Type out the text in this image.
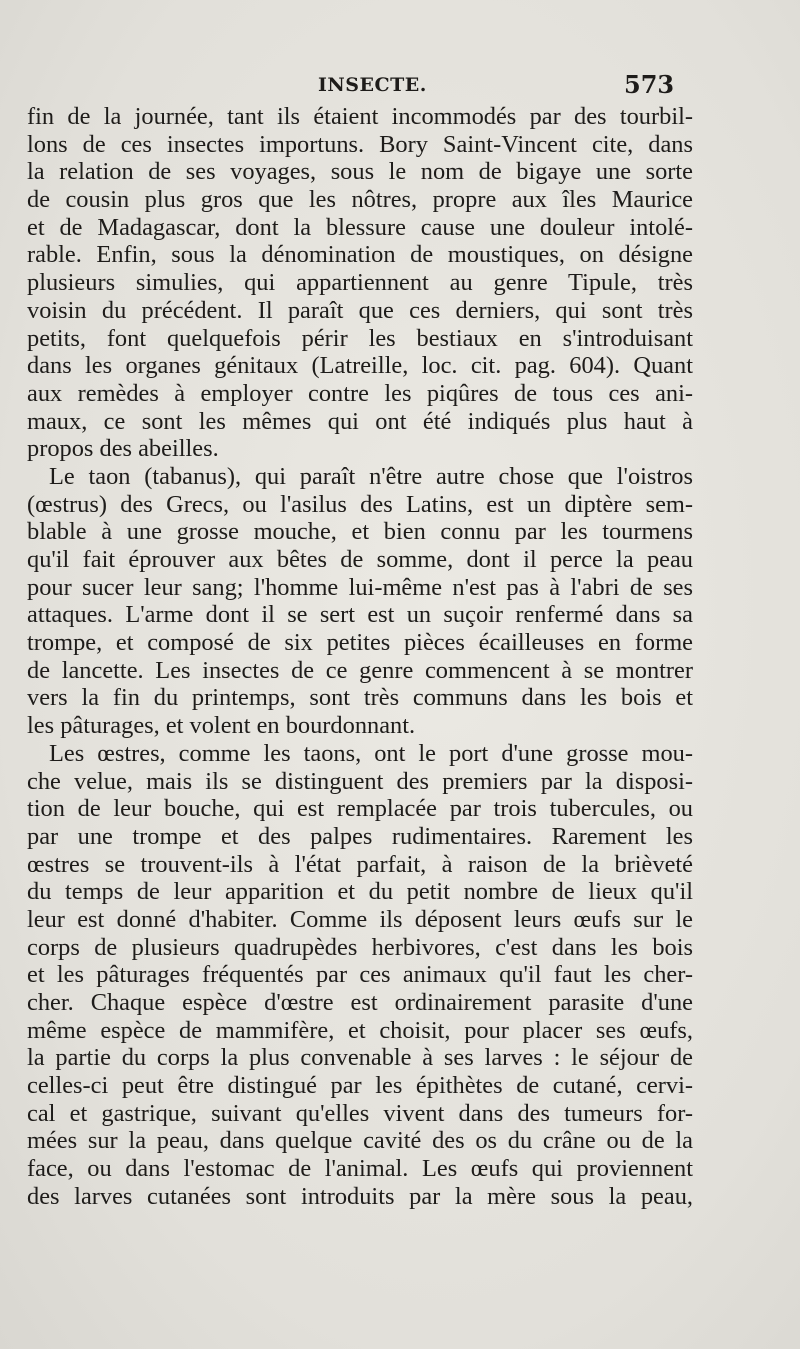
INSECTE.	573
fin de la journée, tant ils étaient incommodés par des tourbil-
lons de ces insectes importuns. Bory Saint-Vincent cite, dans
la relation de ses voyages, sous le nom de bigaye une sorte
de cousin plus gros que les nôtres, propre aux îles Maurice
et de Madagascar, dont la blessure cause une douleur intolé-
rable. Enfin, sous la dénomination de moustiques, on désigne
plusieurs simulies, qui appartiennent au genre Tipule, très
voisin du précédent. Il paraît que ces derniers, qui sont très
petits, font quelquefois périr les bestiaux en s'introduisant
dans les organes génitaux (Latreille, loc. cit. pag. 604). Quant
aux remèdes à employer contre les piqûres de tous ces ani-
maux, ce sont les mêmes qui ont été indiqués plus haut à
propos des abeilles.
Le taon (tabanus), qui paraît n'être autre chose que l'oistros
(œstrus) des Grecs, ou l'asilus des Latins, est un diptère sem-
blable à une grosse mouche, et bien connu par les tourmens
qu'il fait éprouver aux bêtes de somme, dont il perce la peau
pour sucer leur sang; l'homme lui-même n'est pas à l'abri de ses
attaques. L'arme dont il se sert est un suçoir renfermé dans sa
trompe, et composé de six petites pièces écailleuses en forme
de lancette. Les insectes de ce genre commencent à se montrer
vers la fin du printemps, sont très communs dans les bois et
les pâturages, et volent en bourdonnant.
Les œstres, comme les taons, ont le port d'une grosse mou-
che velue, mais ils se distinguent des premiers par la disposi-
tion de leur bouche, qui est remplacée par trois tubercules, ou
par une trompe et des palpes rudimentaires. Rarement les
œstres se trouvent-ils à l'état parfait, à raison de la brièveté
du temps de leur apparition et du petit nombre de lieux qu'il
leur est donné d'habiter. Comme ils déposent leurs œufs sur le
corps de plusieurs quadrupèdes herbivores, c'est dans les bois
et les pâturages fréquentés par ces animaux qu'il faut les cher-
cher. Chaque espèce d'œstre est ordinairement parasite d'une
même espèce de mammifère, et choisit, pour placer ses œufs,
la partie du corps la plus convenable à ses larves : le séjour de
celles-ci peut être distingué par les épithètes de cutané, cervi-
cal et gastrique, suivant qu'elles vivent dans des tumeurs for-
mées sur la peau, dans quelque cavité des os du crâne ou de la
face, ou dans l'estomac de l'animal. Les œufs qui proviennent
des larves cutanées sont introduits par la mère sous la peau,
